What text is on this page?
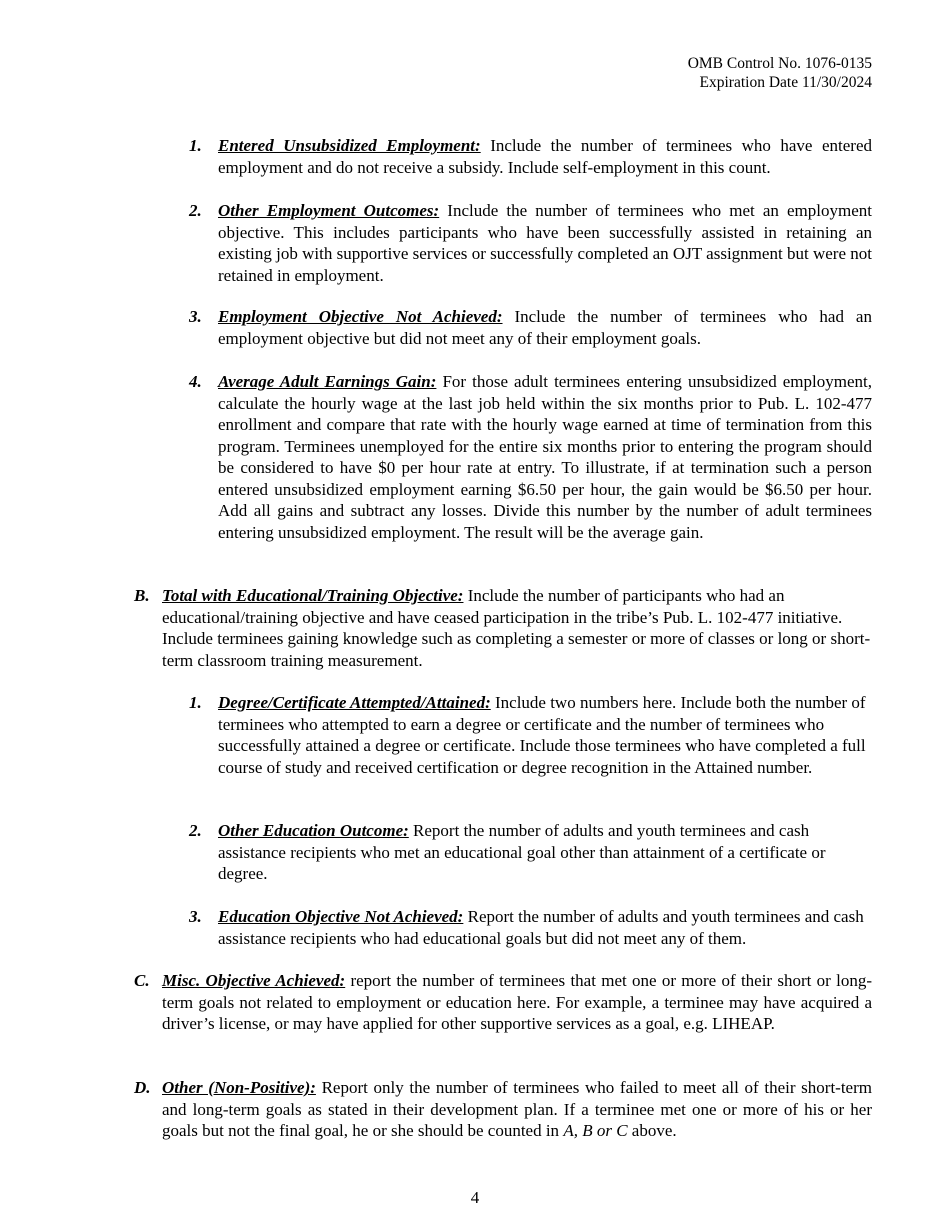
OMB Control No. 1076-0135
Expiration Date 11/30/2024
1. Entered Unsubsidized Employment: Include the number of terminees who have entered employment and do not receive a subsidy. Include self-employment in this count.
2. Other Employment Outcomes: Include the number of terminees who met an employment objective. This includes participants who have been successfully assisted in retaining an existing job with supportive services or successfully completed an OJT assignment but were not retained in employment.
3. Employment Objective Not Achieved: Include the number of terminees who had an employment objective but did not meet any of their employment goals.
4. Average Adult Earnings Gain: For those adult terminees entering unsubsidized employment, calculate the hourly wage at the last job held within the six months prior to Pub. L. 102-477 enrollment and compare that rate with the hourly wage earned at time of termination from this program. Terminees unemployed for the entire six months prior to entering the program should be considered to have $0 per hour rate at entry. To illustrate, if at termination such a person entered unsubsidized employment earning $6.50 per hour, the gain would be $6.50 per hour. Add all gains and subtract any losses. Divide this number by the number of adult terminees entering unsubsidized employment. The result will be the average gain.
B. Total with Educational/Training Objective: Include the number of participants who had an educational/training objective and have ceased participation in the tribe’s Pub. L. 102-477 initiative. Include terminees gaining knowledge such as completing a semester or more of classes or long or short-term classroom training measurement.
1. Degree/Certificate Attempted/Attained: Include two numbers here. Include both the number of terminees who attempted to earn a degree or certificate and the number of terminees who successfully attained a degree or certificate. Include those terminees who have completed a full course of study and received certification or degree recognition in the Attained number.
2. Other Education Outcome: Report the number of adults and youth terminees and cash assistance recipients who met an educational goal other than attainment of a certificate or degree.
3. Education Objective Not Achieved: Report the number of adults and youth terminees and cash assistance recipients who had educational goals but did not meet any of them.
C. Misc. Objective Achieved: report the number of terminees that met one or more of their short or long-term goals not related to employment or education here. For example, a terminee may have acquired a driver’s license, or may have applied for other supportive services as a goal, e.g. LIHEAP.
D. Other (Non-Positive): Report only the number of terminees who failed to meet all of their short-term and long-term goals as stated in their development plan. If a terminee met one or more of his or her goals but not the final goal, he or she should be counted in A, B or C above.
4
